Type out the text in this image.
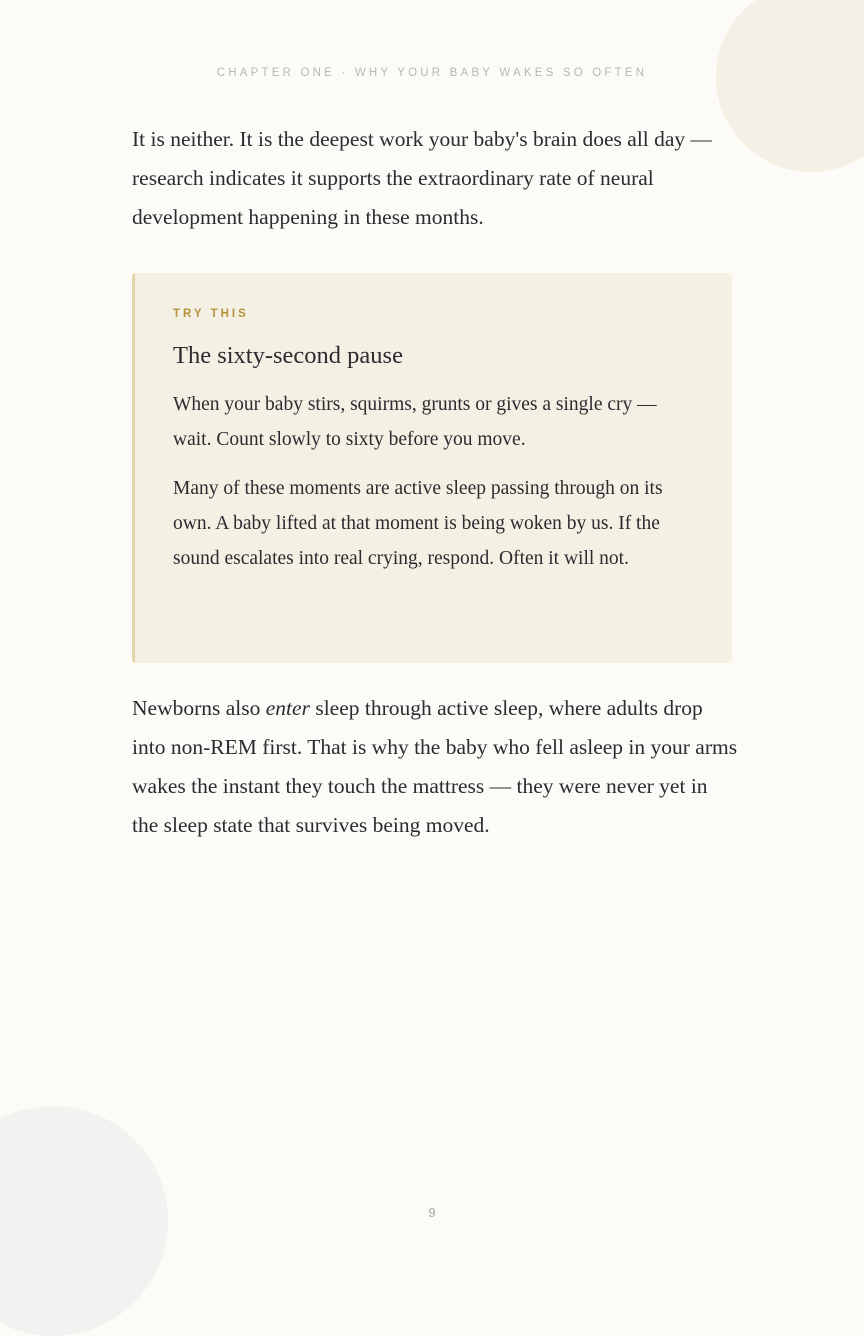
CHAPTER ONE · WHY YOUR BABY WAKES SO OFTEN

It is neither. It is the deepest work your baby's brain does all day — research indicates it supports the extraordinary rate of neural development happening in these months.

TRY THIS
The sixty-second pause

When your baby stirs, squirms, grunts or gives a single cry — wait. Count slowly to sixty before you move.

Many of these moments are active sleep passing through on its own. A baby lifted at that moment is being woken by us. If the sound escalates into real crying, respond. Often it will not.

Newborns also enter sleep through active sleep, where adults drop into non-REM first. That is why the baby who fell asleep in your arms wakes the instant they touch the mattress — they were never yet in the sleep state that survives being moved.

9
